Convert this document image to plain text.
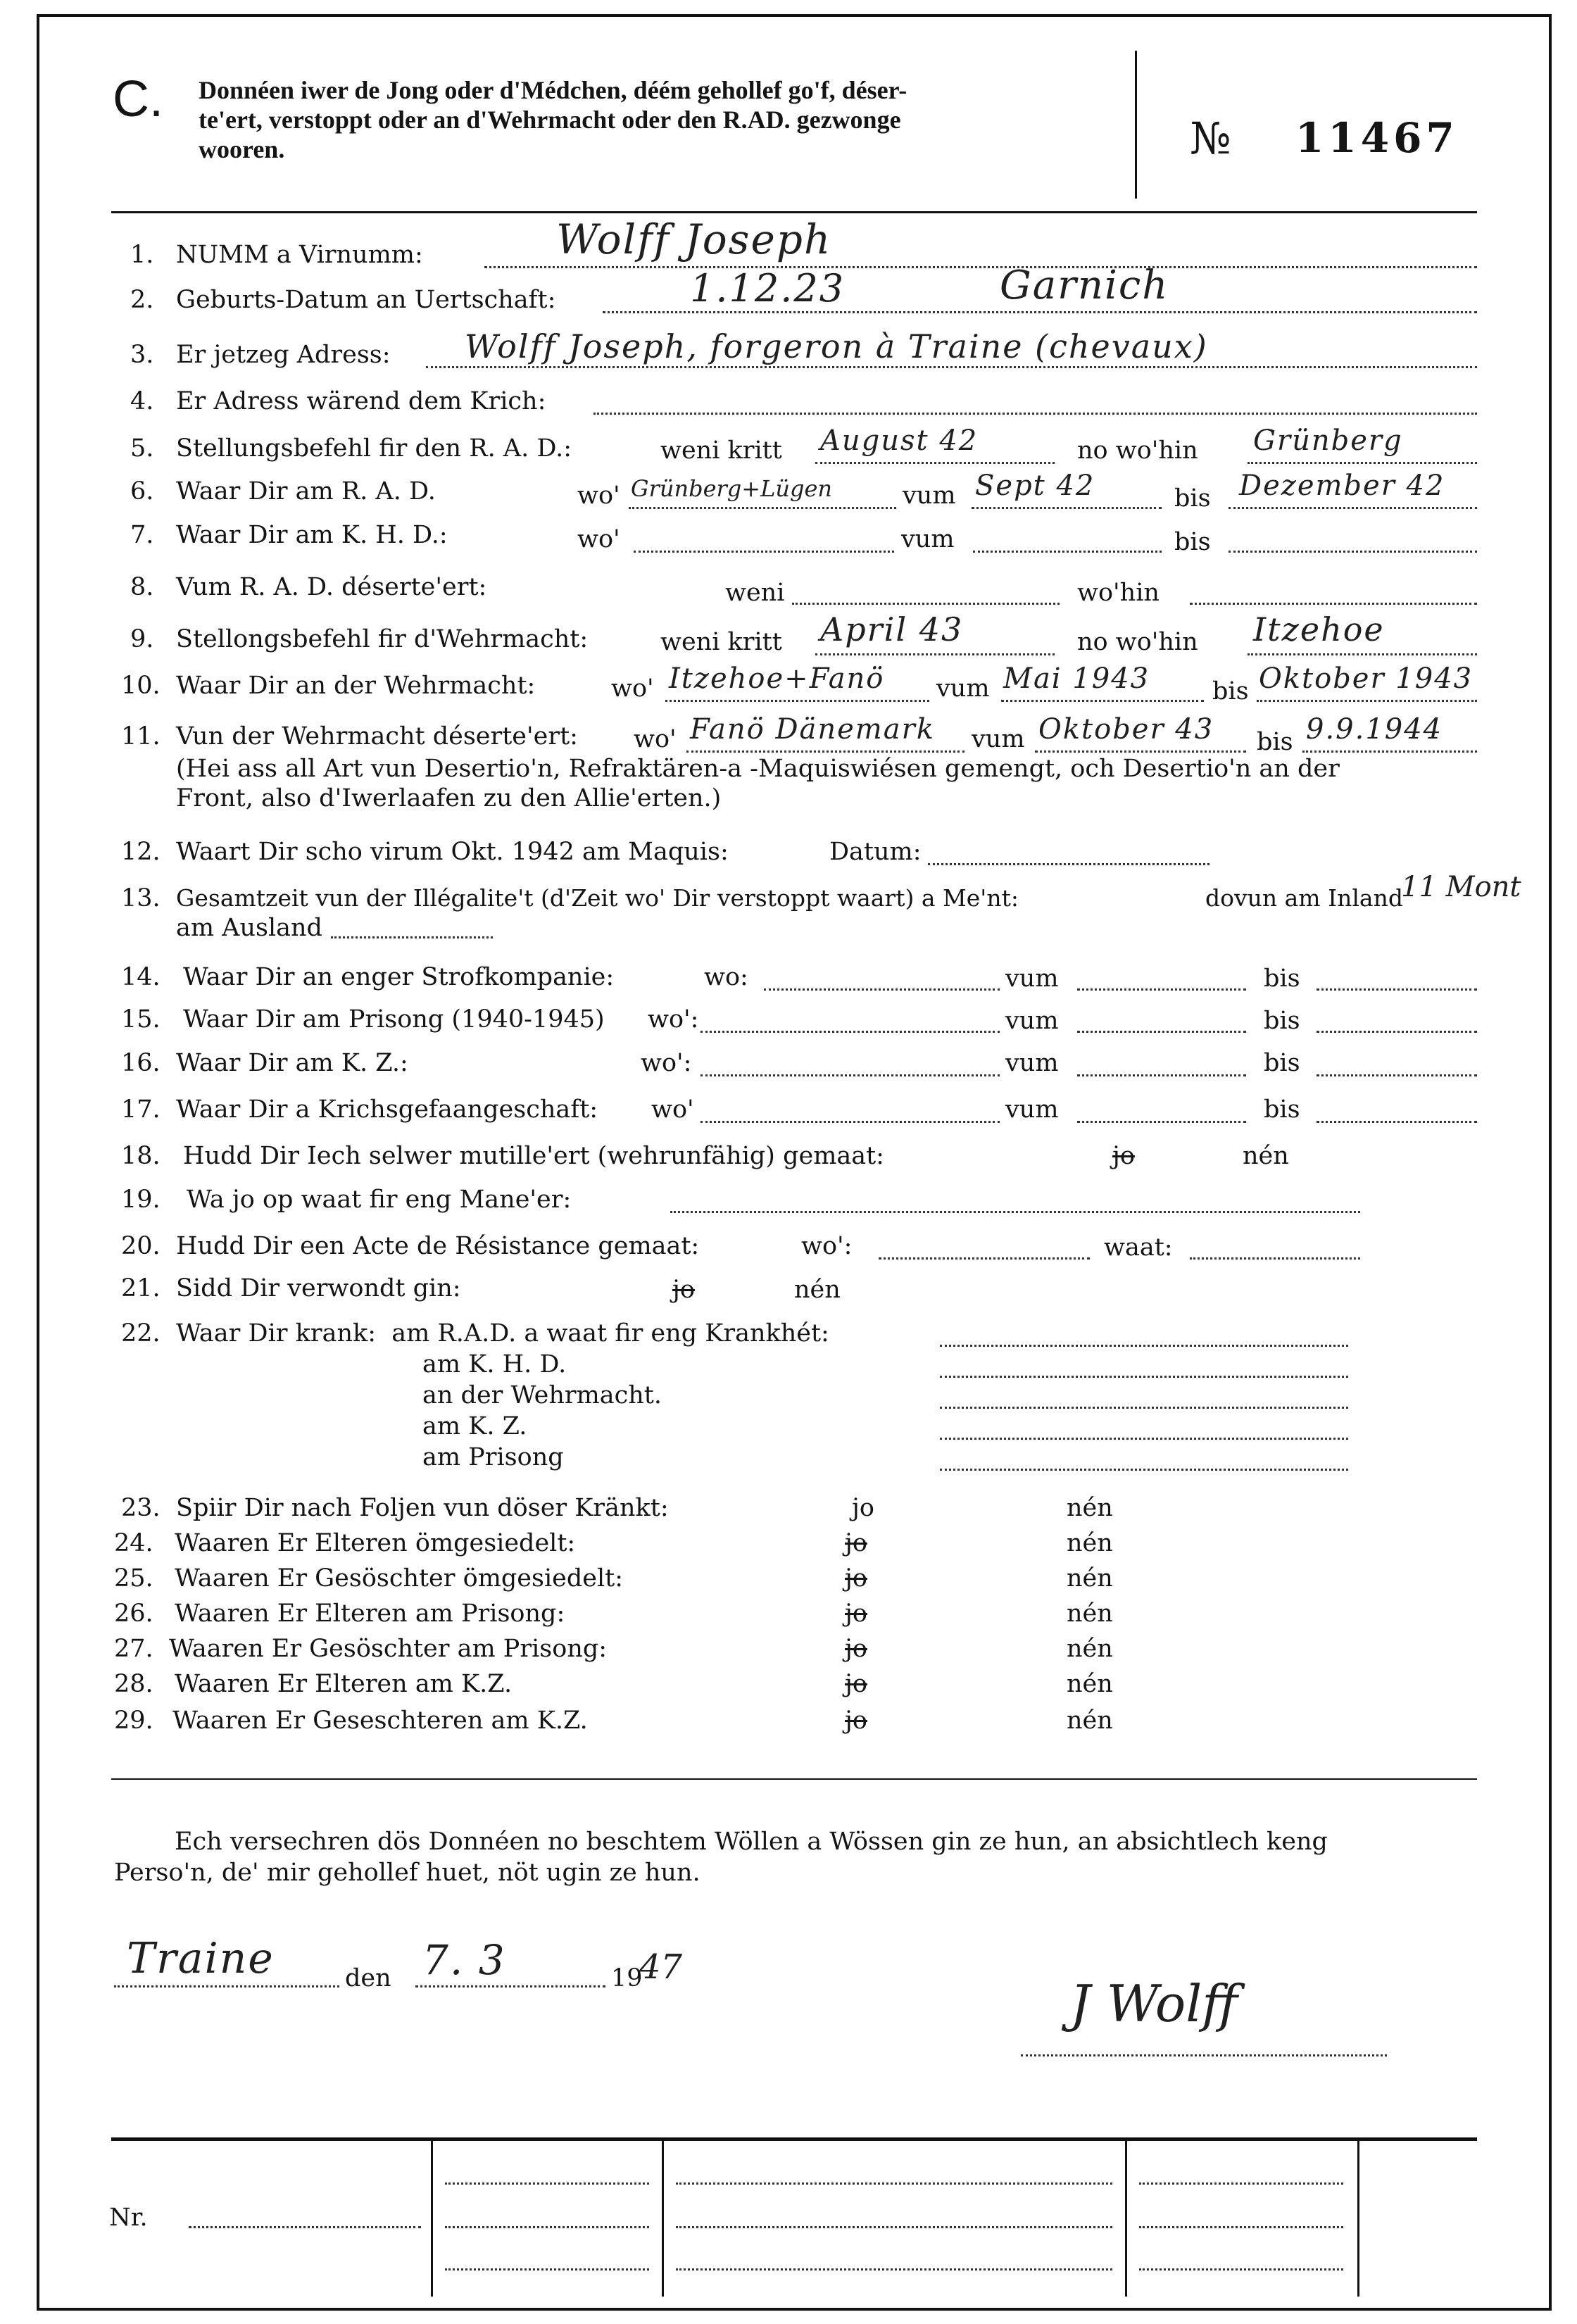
C. Donnéen iwer de Jong oder d'Médchen, déém gehollef go'f, déser-
te'ert, verstoppt oder an d'Wehrmacht oder den R.AD. gezwonge
wooren.	№ 11467
1. NUMM a Virnumm:	Wolff Joseph
2. Geburts-Datum an Uertschaft:	1.12.23	Garnich
3. Er jetzeg Adress: Wolff Joseph, forgeron à Traine (chevaux)
4. Er Adress wärend dem Krich:
5. Stellungsbefehl fir den R. A. D.:	weni kritt August 42	no wo'hin Grünberg
6. Waar Dir am R. A. D.	wo' Grünberg+Lügen	vum Sept 42	bis Dezember 42
7. Waar Dir am K. H. D.:	wo'	vum	bis
8. Vum R. A. D. déserte'ert:	weni	wo'hin
9. Stellongsbefehl fir d'Wehrmacht:	weni kritt April 43	no wo'hin Itzehoe
10. Waar Dir an der Wehrmacht:	wo' Itzehoe+Fanö vum Mai 1943	bis Oktober 1943
11. Vun der Wehrmacht déserte'ert: wo' Fanö Dänemark vum Oktober 43 bis 9.9.1944
(Hei ass all Art vun Desertio'n, Refraktären-a -Maquiswiésen gemengt, och Desertio'n an der
Front, also d'Iwerlaafen zu den Allie'erten.)
12. Waart Dir scho virum Okt. 1942 am Maquis:	Datum:
13. Gesamtzeit vun der Illégalite't (d'Zeit wo' Dir verstoppt waart) a Me'nt:	dovun am Inland
11 Mont
am Ausland
14. Waar Dir an enger Strofkompanie:	wo:	vum	bis
15. Waar Dir am Prisong (1940-1945) wo':	vum	bis
16. Waar Dir am K. Z.:	wo':	vum	bis
17. Waar Dir a Krichsgefaangeschaft: wo'	vum	bis
18. Hudd Dir Iech selwer mutille'ert (wehrunfähig) gemaat:	jo	nén
19. Wa jo op waat fir eng Mane'er:
20. Hudd Dir een Acte de Résistance gemaat:	wo':	waat:
21. Sidd Dir verwondt gin:	jo	nén
22. Waar Dir krank:  am R.A.D. a waat fir eng Krankhét:
am K. H. D.
an der Wehrmacht.
am K. Z.
am Prisong
23. Spiir Dir nach Foljen vun döser Kränkt:	jo	nén
24. Waaren Er Elteren ömgesiedelt:	jo	nén
25. Waaren Er Gesöschter ömgesiedelt:	jo	nén
26. Waaren Er Elteren am Prisong:	jo	nén
27. Waaren Er Gesöschter am Prisong:	jo	nén
28. Waaren Er Elteren am K.Z.	jo	nén
29. Waaren Er Geseschteren am K.Z.	jo	nén
Ech versechren dös Donnéen no beschtem Wöllen a Wössen gin ze hun, an absichtlech keng
Perso'n, de' mir gehollef huet, nöt ugin ze hun.
Traine	den 7. 3	19
47
J Wolff
Nr.
